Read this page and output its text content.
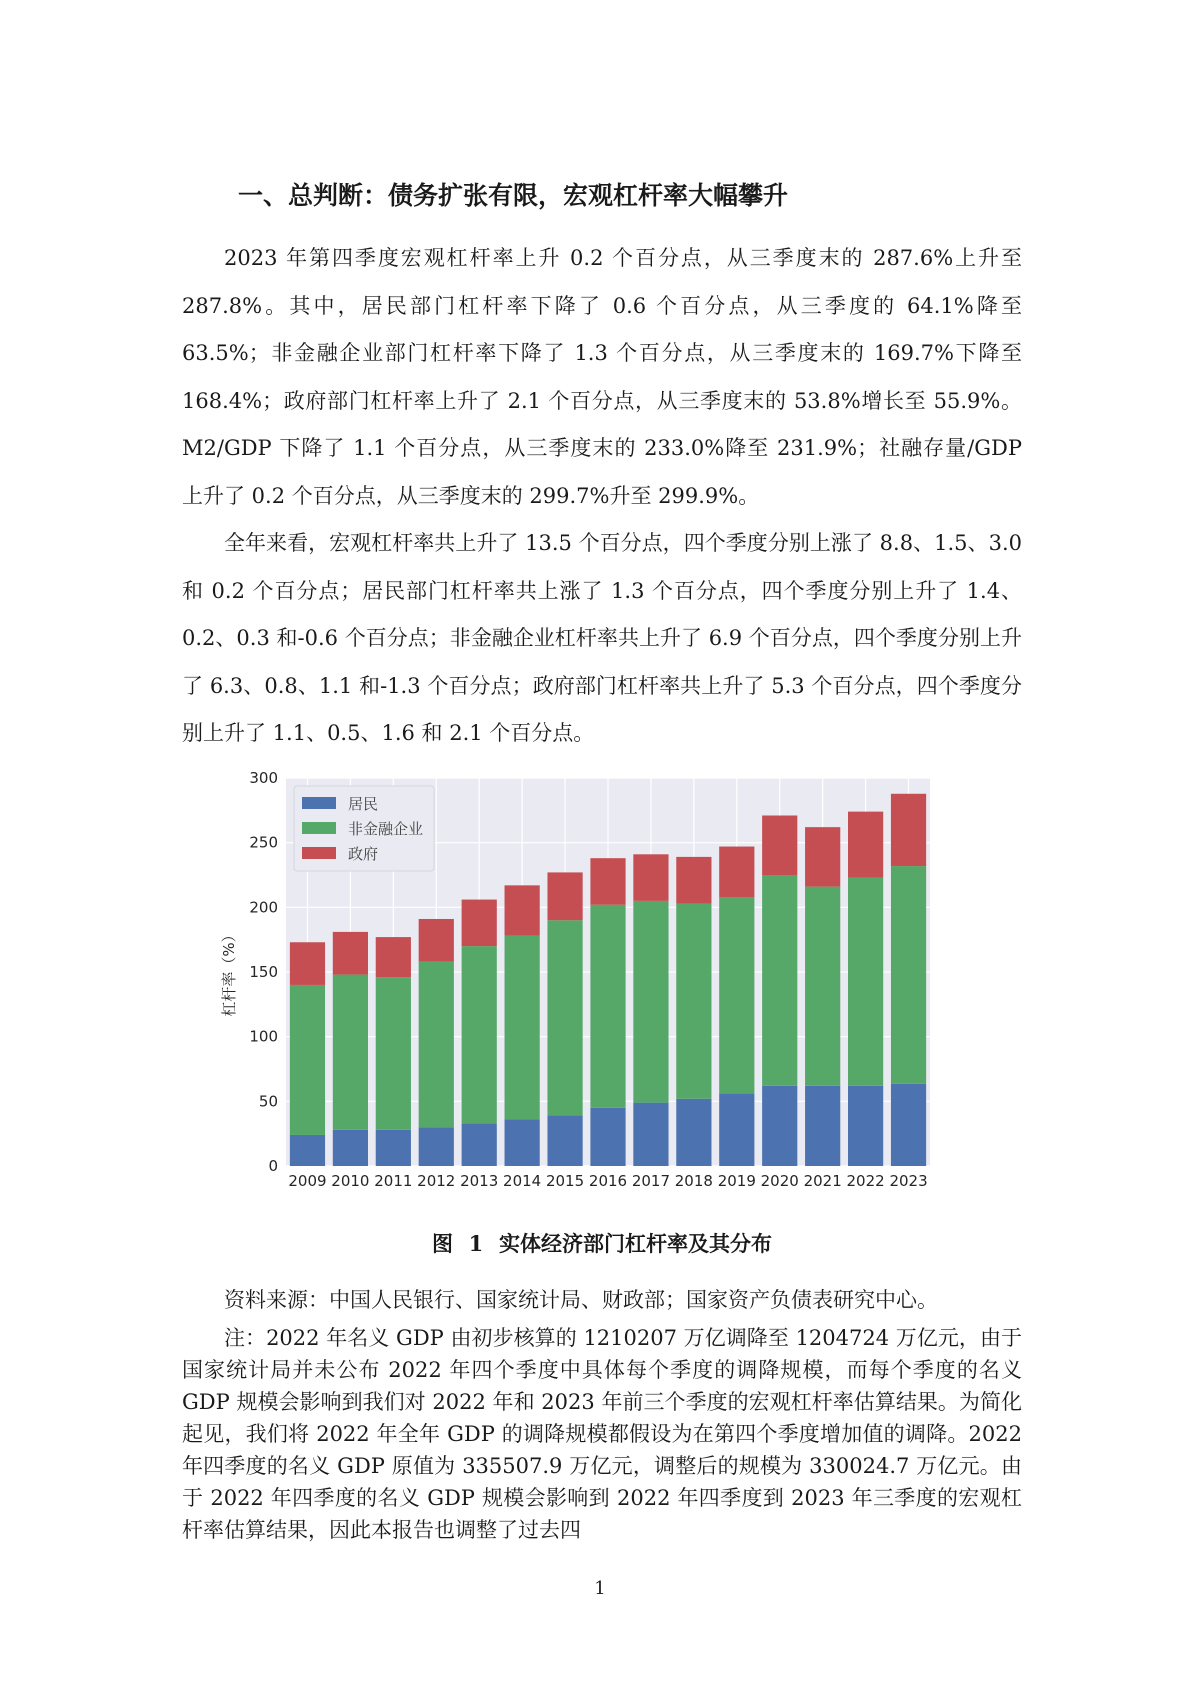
一、总判断：债务扩张有限，宏观杠杆率大幅攀升

2023 年第四季度宏观杠杆率上升 0.2 个百分点，从三季度末的 287.6%上升至 287.8%。其中，居民部门杠杆率下降了 0.6 个百分点，从三季度的 64.1%降至 63.5%；非金融企业部门杠杆率下降了 1.3 个百分点，从三季度末的 169.7%下降至 168.4%；政府部门杠杆率上升了 2.1 个百分点，从三季度末的 53.8%增长至 55.9%。M2/GDP 下降了 1.1 个百分点，从三季度末的 233.0%降至 231.9%；社融存量/GDP 上升了 0.2 个百分点，从三季度末的 299.7%升至 299.9%。

全年来看，宏观杠杆率共上升了 13.5 个百分点，四个季度分别上涨了 8.8、1.5、3.0 和 0.2 个百分点；居民部门杠杆率共上涨了 1.3 个百分点，四个季度分别上升了 1.4、0.2、0.3 和-0.6 个百分点；非金融企业杠杆率共上升了 6.9 个百分点，四个季度分别上升了 6.3、0.8、1.1 和-1.3 个百分点；政府部门杠杆率共上升了 5.3 个百分点，四个季度分别上升了 1.1、0.5、1.6 和 2.1 个百分点。

0
50
100
150
200
250
300
2009 2010 2011 2012 2013 2014 2015 2016 2017 2018 2019 2020 2021 2022 2023
杠杆率（%）
居民
非金融企业
政府

图 1 实体经济部门杠杆率及其分布

资料来源：中国人民银行、国家统计局、财政部；国家资产负债表研究中心。

注：2022 年名义 GDP 由初步核算的 1210207 万亿调降至 1204724 万亿元，由于国家统计局并未公布 2022 年四个季度中具体每个季度的调降规模，而每个季度的名义 GDP 规模会影响到我们对 2022 年和 2023 年前三个季度的宏观杠杆率估算结果。为简化起见，我们将 2022 年全年 GDP 的调降规模都假设为在第四个季度增加值的调降。2022 年四季度的名义 GDP 原值为 335507.9 万亿元，调整后的规模为 330024.7 万亿元。由于 2022 年四季度的名义 GDP 规模会影响到 2022 年四季度到 2023 年三季度的宏观杠杆率估算结果，因此本报告也调整了过去四

1
